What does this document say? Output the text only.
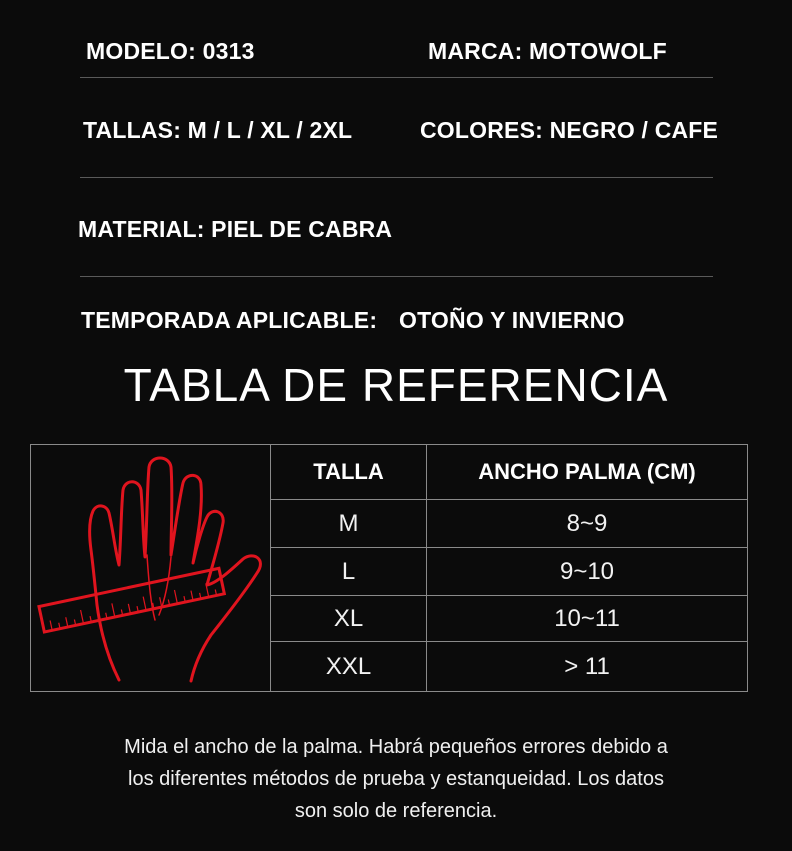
MODELO: 0313	MARCA: MOTOWOLF
TALLAS: M / L / XL / 2XL	COLORES: NEGRO / CAFE
MATERIAL: PIEL DE CABRA
TEMPORADA APLICABLE: OTOÑO Y INVIERNO
TABLA DE REFERENCIA
TALLA	ANCHO PALMA (CM)
M	8~9
L	9~10
XL	10~11
XXL	> 11
Mida el ancho de la palma. Habrá pequeños errores debido a
los diferentes métodos de prueba y estanqueidad. Los datos
son solo de referencia.
